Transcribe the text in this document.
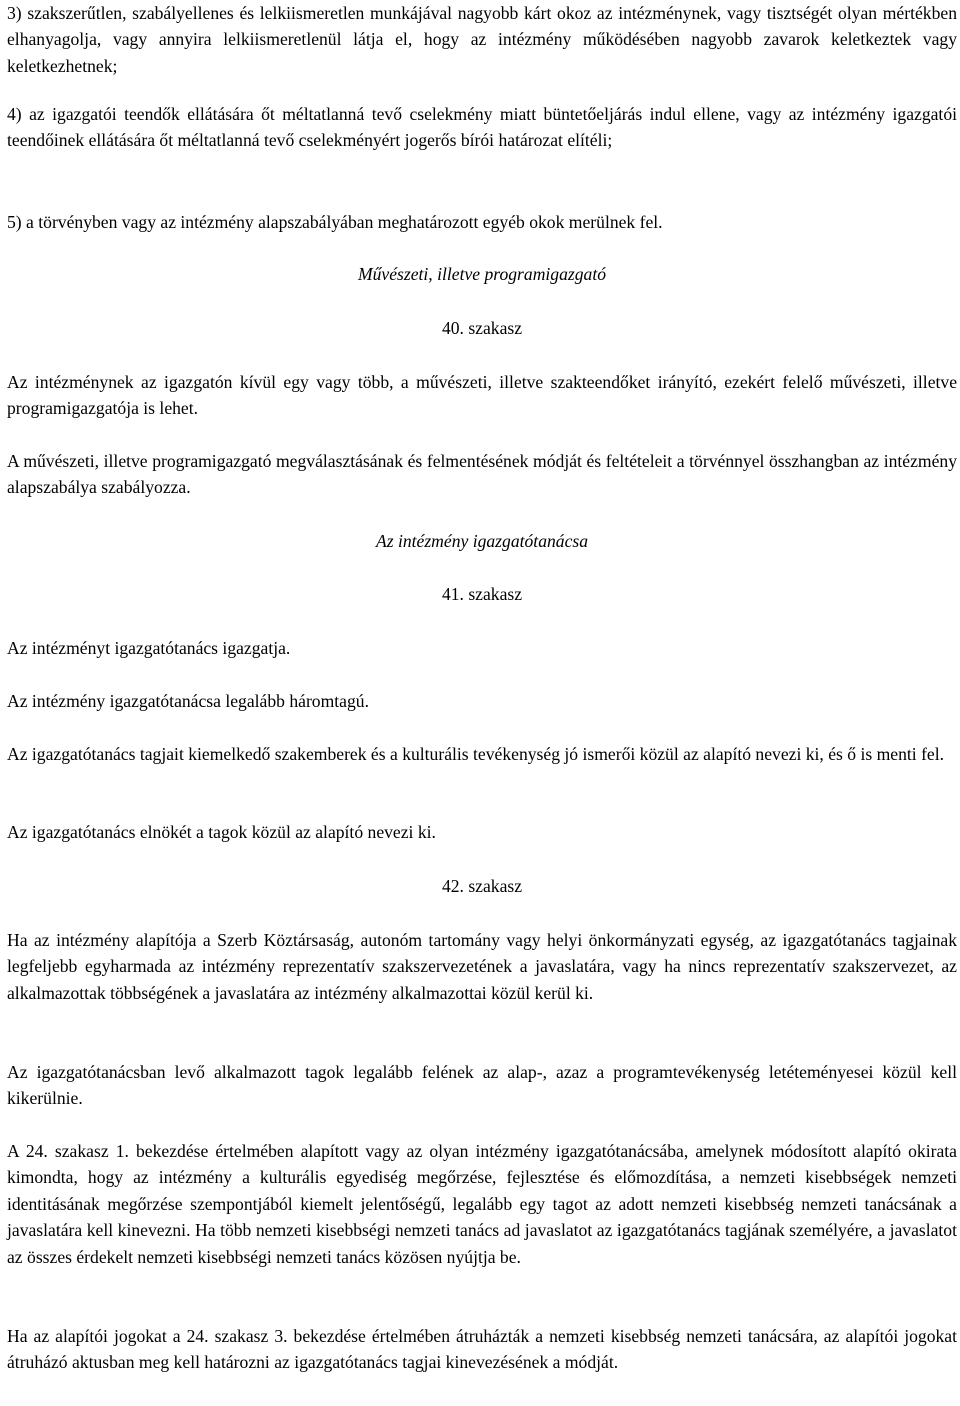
3) szakszerűtlen, szabályellenes és lelkiismeretlen munkájával nagyobb kárt okoz az intézménynek, vagy tisztségét olyan mértékben elhanyagolja, vagy annyira lelkiismeretlenül látja el, hogy az intézmény működésében nagyobb zavarok keletkeztek vagy keletkezhetnek;

4) az igazgatói teendők ellátására őt méltatlanná tevő cselekmény miatt büntetőeljárás indul ellene, vagy az intézmény igazgatói teendőinek ellátására őt méltatlanná tevő cselekményért jogerős bírói határozat elítéli;

5) a törvényben vagy az intézmény alapszabályában meghatározott egyéb okok merülnek fel.

Művészeti, illetve programigazgató

40. szakasz

Az intézménynek az igazgatón kívül egy vagy több, a művészeti, illetve szakteendőket irányító, ezekért felelő művészeti, illetve programigazgatója is lehet.

A művészeti, illetve programigazgató megválasztásának és felmentésének módját és feltételeit a törvénnyel összhangban az intézmény alapszabálya szabályozza.

Az intézmény igazgatótanácsa

41. szakasz

Az intézményt igazgatótanács igazgatja.

Az intézmény igazgatótanácsa legalább háromtagú.

Az igazgatótanács tagjait kiemelkedő szakemberek és a kulturális tevékenység jó ismerői közül az alapító nevezi ki, és ő is menti fel.

Az igazgatótanács elnökét a tagok közül az alapító nevezi ki.

42. szakasz

Ha az intézmény alapítója a Szerb Köztársaság, autonóm tartomány vagy helyi önkormányzati egység, az igazgatótanács tagjainak legfeljebb egyharmada az intézmény reprezentatív szakszervezetének a javaslatára, vagy ha nincs reprezentatív szakszervezet, az alkalmazottak többségének a javaslatára az intézmény alkalmazottai közül kerül ki.

Az igazgatótanácsban levő alkalmazott tagok legalább felének az alap-, azaz a programtevékenység letéteményesei közül kell kikerülnie.

A 24. szakasz 1. bekezdése értelmében alapított vagy az olyan intézmény igazgatótanácsába, amelynek módosított alapító okirata kimondta, hogy az intézmény a kulturális egyediség megőrzése, fejlesztése és előmozdítása, a nemzeti kisebbségek nemzeti identitásának megőrzése szempontjából kiemelt jelentőségű, legalább egy tagot az adott nemzeti kisebbség nemzeti tanácsának a javaslatára kell kinevezni. Ha több nemzeti kisebbségi nemzeti tanács ad javaslatot az igazgatótanács tagjának személyére, a javaslatot az összes érdekelt nemzeti kisebbségi nemzeti tanács közösen nyújtja be.

Ha az alapítói jogokat a 24. szakasz 3. bekezdése értelmében átruházták a nemzeti kisebbség nemzeti tanácsára, az alapítói jogokat átruházó aktusban meg kell határozni az igazgatótanács tagjai kinevezésének a módját.
